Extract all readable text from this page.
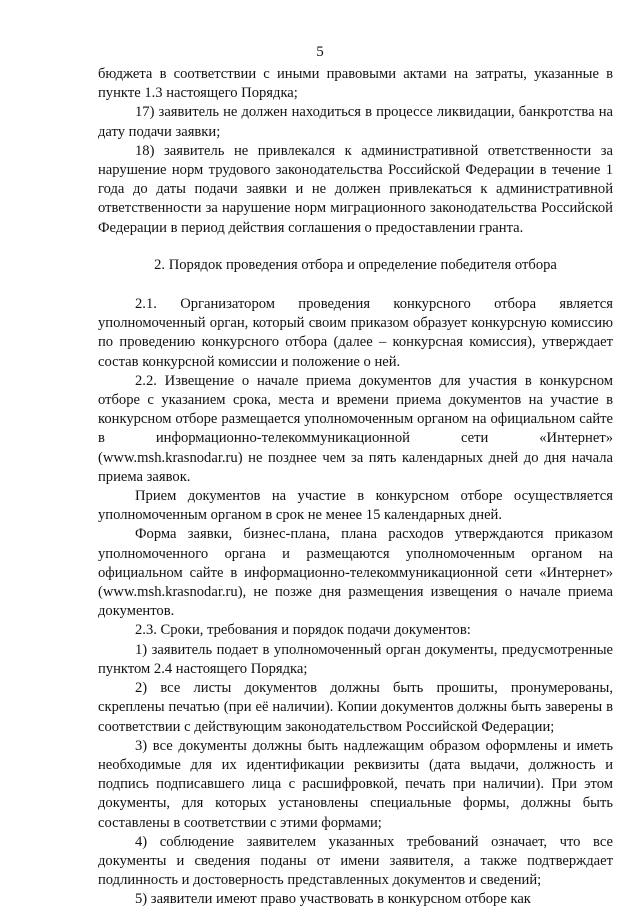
5

бюджета в соответствии с иными правовыми актами на затраты, указанные в пункте 1.3 настоящего Порядка;

17) заявитель не должен находиться в процессе ликвидации, банкротства на дату подачи заявки;

18) заявитель не привлекался к административной ответственности за нарушение норм трудового законодательства Российской Федерации в течение 1 года до даты подачи заявки и не должен привлекаться к административной ответственности за нарушение норм миграционного законодательства Российской Федерации в период действия соглашения о предоставлении гранта.

2. Порядок проведения отбора и определение победителя отбора

2.1. Организатором проведения конкурсного отбора является уполномоченный орган, который своим приказом образует конкурсную комиссию по проведению конкурсного отбора (далее – конкурсная комиссия), утверждает состав конкурсной комиссии и положение о ней.

2.2. Извещение о начале приема документов для участия в конкурсном отборе с указанием срока, места и времени приема документов на участие в конкурсном отборе размещается уполномоченным органом на официальном сайте в информационно-телекоммуникационной сети «Интернет» (www.msh.krasnodar.ru) не позднее чем за пять календарных дней до дня начала приема заявок.

Прием документов на участие в конкурсном отборе осуществляется уполномоченным органом в срок не менее 15 календарных дней.

Форма заявки, бизнес-плана, плана расходов утверждаются приказом уполномоченного органа и размещаются уполномоченным органом на официальном сайте в информационно-телекоммуникационной сети «Интернет» (www.msh.krasnodar.ru), не позже дня размещения извещения о начале приема документов.

2.3. Сроки, требования и порядок подачи документов:

1) заявитель подает в уполномоченный орган документы, предусмотренные пунктом 2.4 настоящего Порядка;

2) все листы документов должны быть прошиты, пронумерованы, скреплены печатью (при её наличии). Копии документов должны быть заверены в соответствии с действующим законодательством Российской Федерации;

3) все документы должны быть надлежащим образом оформлены и иметь необходимые для их идентификации реквизиты (дата выдачи, должность и подпись подписавшего лица с расшифровкой, печать при наличии). При этом документы, для которых установлены специальные формы, должны быть составлены в соответствии с этими формами;

4) соблюдение заявителем указанных требований означает, что все документы и сведения поданы от имени заявителя, а также подтверждает подлинность и достоверность представленных документов и сведений;

5) заявители имеют право участвовать в конкурсном отборе как
